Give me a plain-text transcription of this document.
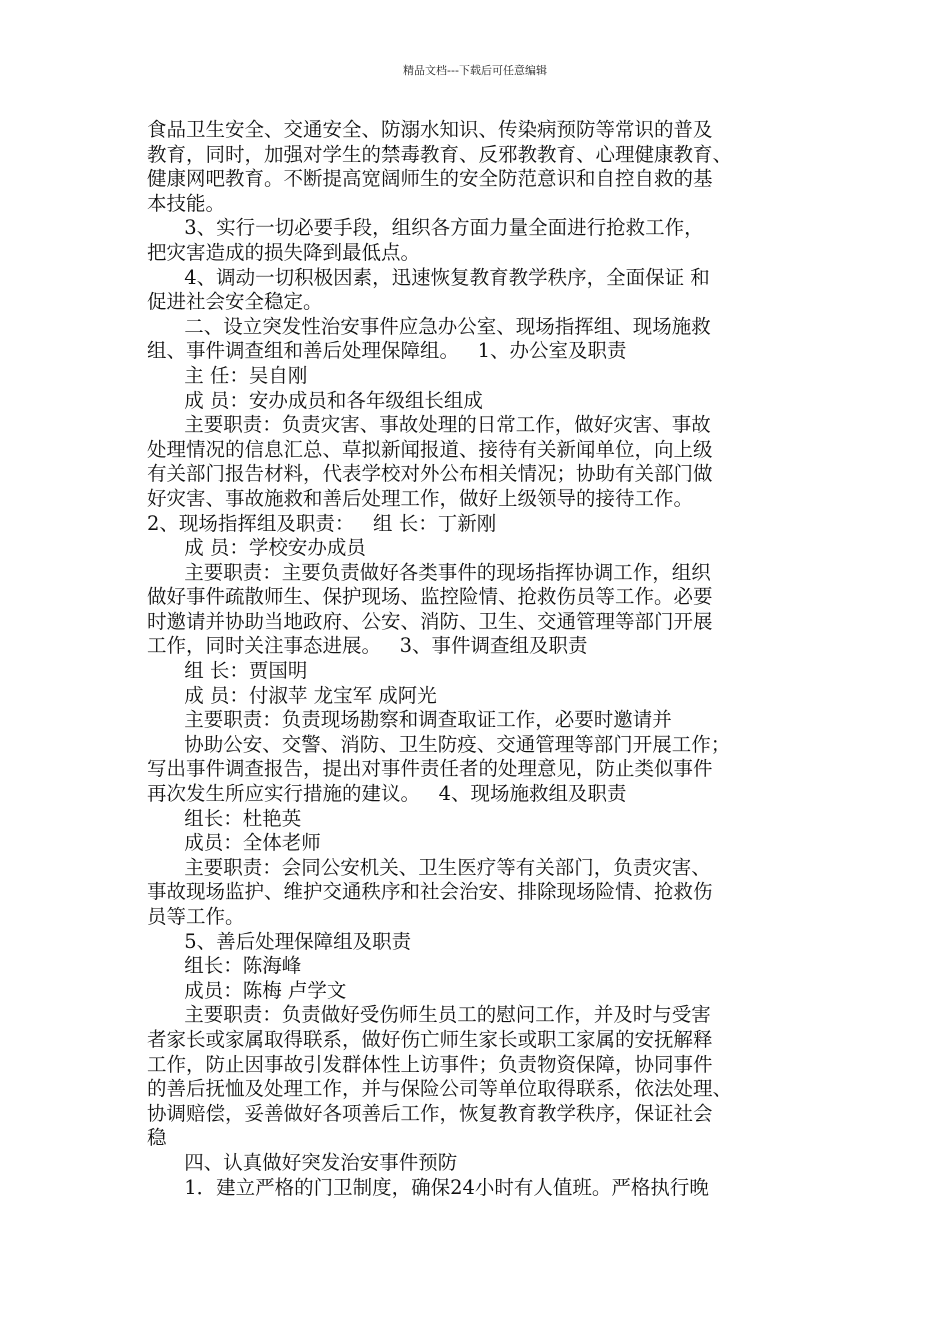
精品文档---下载后可任意编辑
食品卫生安全、交通安全、防溺水知识、传染病预防等常识的普及
教育，同时，加强对学生的禁毒教育、反邪教教育、心理健康教育、
健康网吧教育。不断提高宽阔师生的安全防范意识和自控自救的基
本技能。
3、实行一切必要手段，组织各方面力量全面进行抢救工作，
把灾害造成的损失降到最低点。
4、调动一切积极因素，迅速恢复教育教学秩序，全面保证 和
促进社会安全稳定。
二、设立突发性治安事件应急办公室、现场指挥组、现场施救
组、事件调查组和善后处理保障组。   1、办公室及职责
主 任：吴自刚
成 员：安办成员和各年级组长组成
主要职责：负责灾害、事故处理的日常工作，做好灾害、事故
处理情况的信息汇总、草拟新闻报道、接待有关新闻单位，向上级
有关部门报告材料，代表学校对外公布相关情况；协助有关部门做
好灾害、事故施救和善后处理工作，做好上级领导的接待工作。
2、现场指挥组及职责：   组 长：丁新刚
成 员：学校安办成员
主要职责：主要负责做好各类事件的现场指挥协调工作，组织
做好事件疏散师生、保护现场、监控险情、抢救伤员等工作。必要
时邀请并协助当地政府、公安、消防、卫生、交通管理等部门开展
工作，同时关注事态进展。   3、事件调查组及职责
组 长：贾国明
成 员：付淑苹 龙宝军 成阿光
主要职责：负责现场勘察和调查取证工作，必要时邀请并
协助公安、交警、消防、卫生防疫、交通管理等部门开展工作；
写出事件调查报告，提出对事件责任者的处理意见，防止类似事件
再次发生所应实行措施的建议。   4、现场施救组及职责
组长：杜艳英
成员：全体老师
主要职责：会同公安机关、卫生医疗等有关部门，负责灾害、
事故现场监护、维护交通秩序和社会治安、排除现场险情、抢救伤
员等工作。
5、善后处理保障组及职责
组长：陈海峰
成员：陈梅 卢学文
主要职责：负责做好受伤师生员工的慰问工作，并及时与受害
者家长或家属取得联系，做好伤亡师生家长或职工家属的安抚解释
工作，防止因事故引发群体性上访事件；负责物资保障，协同事件
的善后抚恤及处理工作，并与保险公司等单位取得联系，依法处理、
协调赔偿，妥善做好各项善后工作，恢复教育教学秩序，保证社会
稳
四、认真做好突发治安事件预防
1．建立严格的门卫制度，确保24小时有人值班。严格执行晚
